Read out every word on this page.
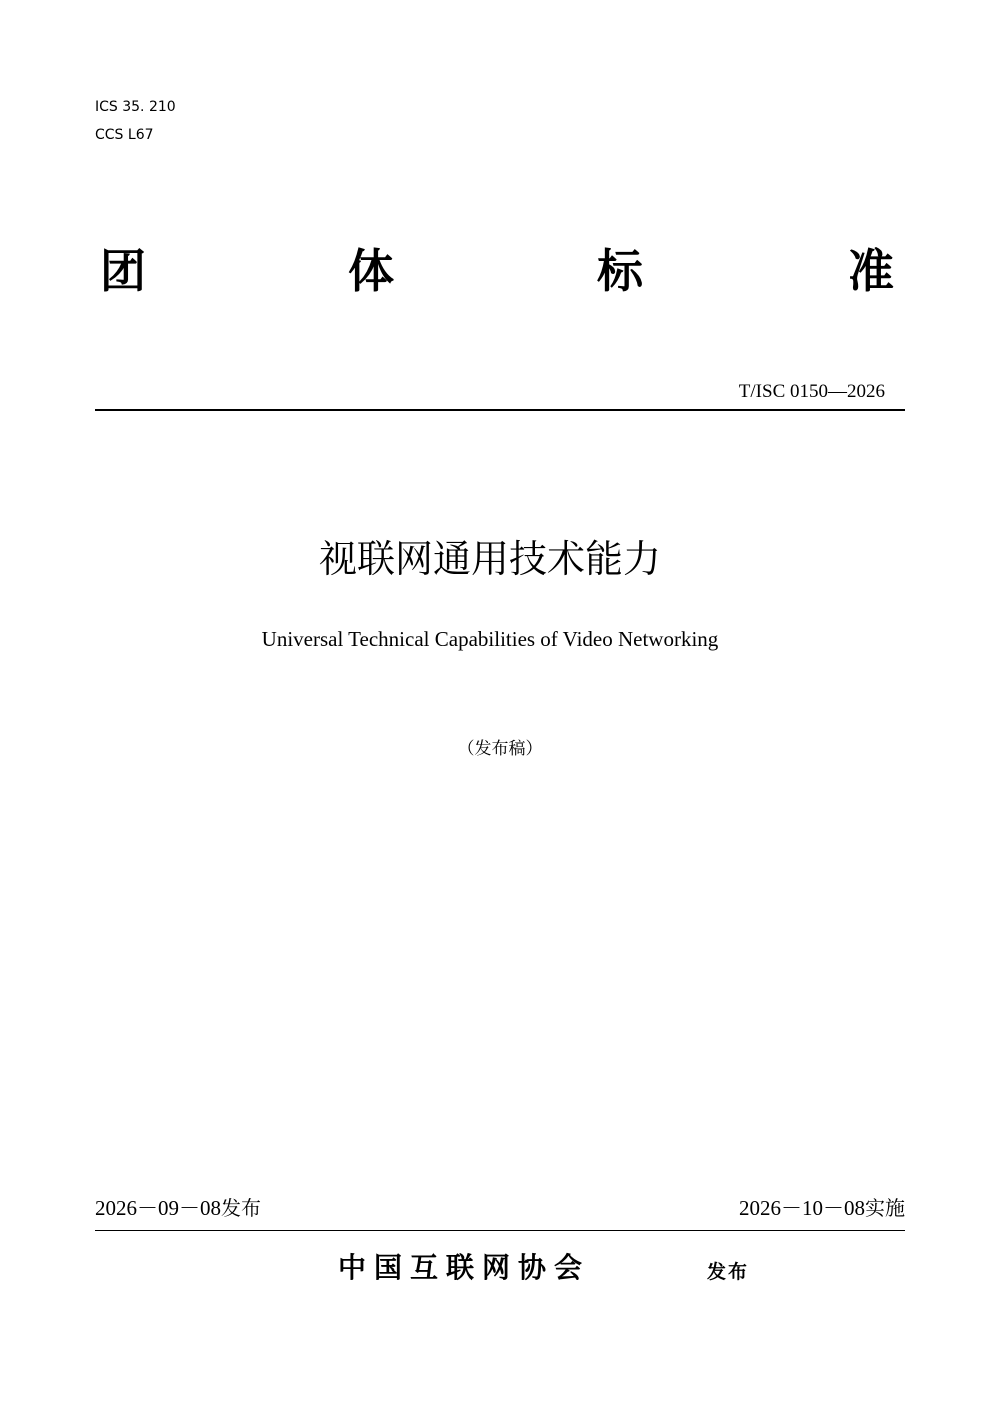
ICS 35. 210
CCS L67
团	体	标	准
T/ISC 0150—2026
视联网通用技术能力
Universal Technical Capabilities of Video Networking
（发布稿）
2026－09－08发布	2026－10－08实施
中国互联网协会	发布
